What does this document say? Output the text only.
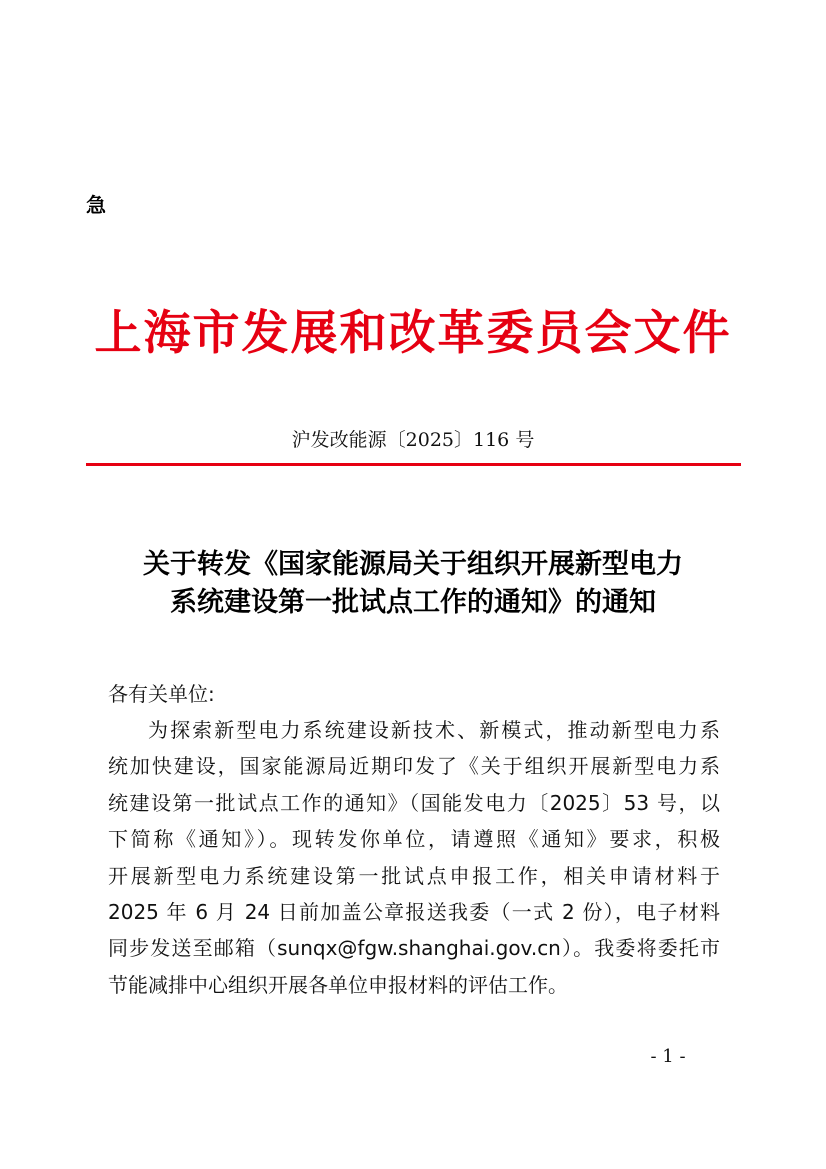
急
上海市发展和改革委员会文件
沪发改能源〔2025〕116 号
关于转发《国家能源局关于组织开展新型电力
系统建设第一批试点工作的通知》的通知
各有关单位:
为探索新型电力系统建设新技术、新模式，推动新型电力系
统加快建设，国家能源局近期印发了《关于组织开展新型电力系
统建设第一批试点工作的通知》（国能发电力〔2025〕53 号，以
下简称《通知》）。现转发你单位，请遵照《通知》要求，积极
开展新型电力系统建设第一批试点申报工作，相关申请材料于
2025 年 6 月 24 日前加盖公章报送我委（一式 2 份），电子材料
同步发送至邮箱（sunqx@fgw.shanghai.gov.cn）。我委将委托市
节能减排中心组织开展各单位申报材料的评估工作。
- 1 -
